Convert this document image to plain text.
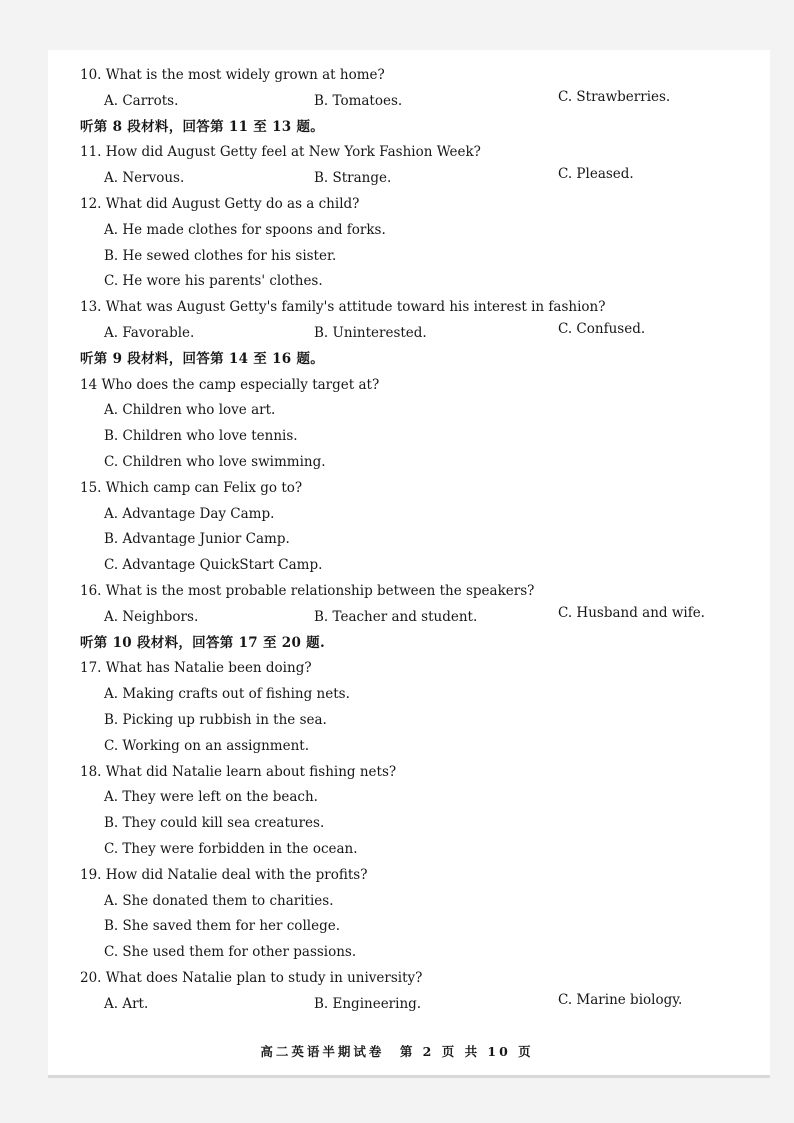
10. What is the most widely grown at home?
A. Carrots.	B. Tomatoes.	C. Strawberries.
听第 8 段材料，回答第 11 至 13 题。
11. How did August Getty feel at New York Fashion Week?
A. Nervous.	B. Strange.	C. Pleased.
12. What did August Getty do as a child?
A. He made clothes for spoons and forks.
B. He sewed clothes for his sister.
C. He wore his parents' clothes.
13. What was August Getty's family's attitude toward his interest in fashion?
A. Favorable.	B. Uninterested.	C. Confused.
听第 9 段材料，回答第 14 至 16 题。
14 Who does the camp especially target at?
A. Children who love art.
B. Children who love tennis.
C. Children who love swimming.
15. Which camp can Felix go to?
A. Advantage Day Camp.
B. Advantage Junior Camp.
C. Advantage QuickStart Camp.
16. What is the most probable relationship between the speakers?
A. Neighbors.	B. Teacher and student.	C. Husband and wife.
听第 10 段材料，回答第 17 至 20 题.
17. What has Natalie been doing?
A. Making crafts out of fishing nets.
B. Picking up rubbish in the sea.
C. Working on an assignment.
18. What did Natalie learn about fishing nets?
A. They were left on the beach.
B. They could kill sea creatures.
C. They were forbidden in the ocean.
19. How did Natalie deal with the profits?
A. She donated them to charities.
B. She saved them for her college.
C. She used them for other passions.
20. What does Natalie plan to study in university?
A. Art.	B. Engineering.	C. Marine biology.
高二英语半期试卷　第 2 页 共 10 页
